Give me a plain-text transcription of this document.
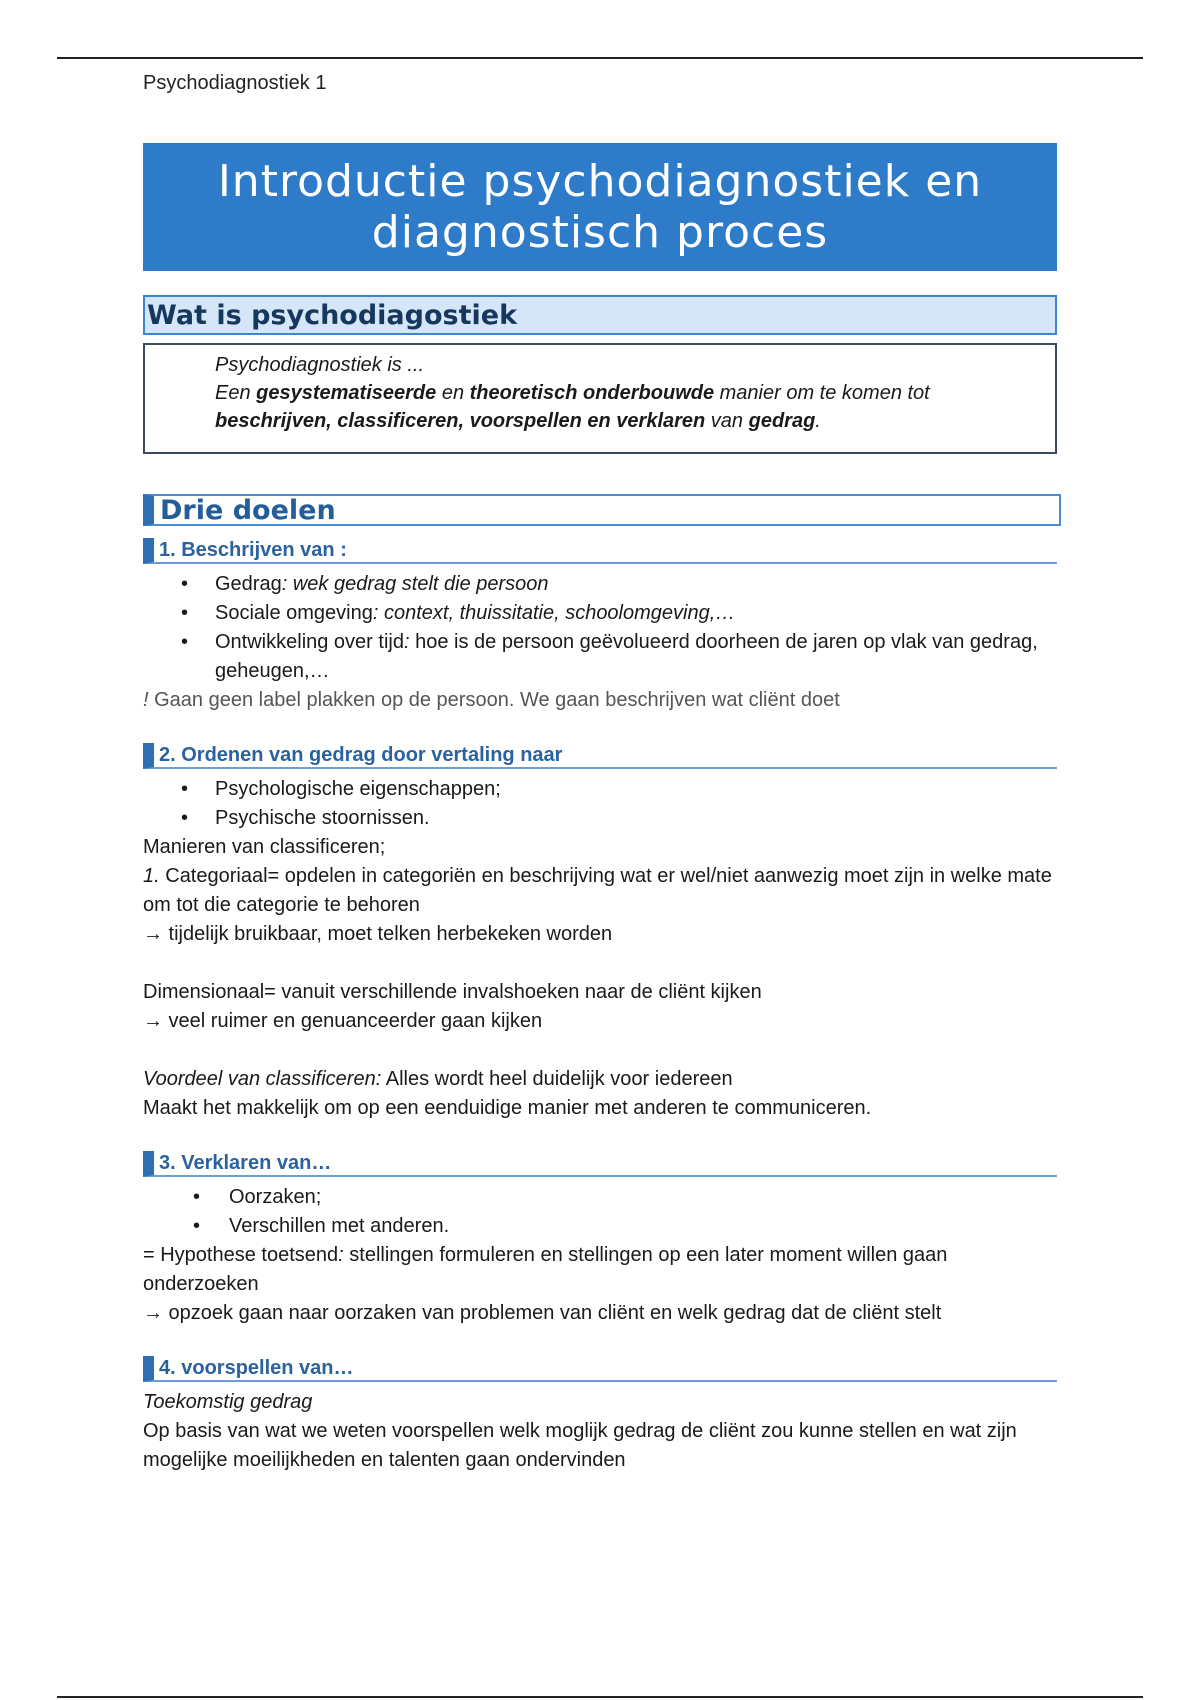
Psychodiagnostiek 1
Introductie psychodiagnostiek en diagnostisch proces
Wat is psychodiagostiek

Psychodiagnostiek is ...

Een gesystematiseerde en theoretisch onderbouwde manier om te komen tot
beschrijven, classificeren, voorspellen en verklaren van gedrag.

Drie doelen
1. Beschrijven van :
• Gedrag: wek gedrag stelt die persoon
• Sociale omgeving: context, thuissitatie, schoolomgeving,…
• Ontwikkeling over tijd: hoe is de persoon geëvolueerd doorheen de jaren op vlak van gedrag, geheugen,…

! Gaan geen label plakken op de persoon. We gaan beschrijven wat cliënt doet

2. Ordenen van gedrag door vertaling naar
• Psychologische eigenschappen;
• Psychische stoornissen.

Manieren van classificeren;

1. Categoriaal= opdelen in categoriën en beschrijving wat er wel/niet aanwezig moet zijn in welke mate om tot die categorie te behoren

→ tijdelijk bruikbaar, moet telken herbekeken worden

Dimensionaal= vanuit verschillende invalshoeken naar de cliënt kijken

→ veel ruimer en genuanceerder gaan kijken

Voordeel van classificeren: Alles wordt heel duidelijk voor iedereen

Maakt het makkelijk om op een eenduidige manier met anderen te communiceren.

3. Verklaren van…
• Oorzaken;
• Verschillen met anderen.

= Hypothese toetsend: stellingen formuleren en stellingen op een later moment willen gaan onderzoeken

→ opzoek gaan naar oorzaken van problemen van cliënt en welk gedrag dat de cliënt stelt

4. voorspellen van…

Toekomstig gedrag

Op basis van wat we weten voorspellen welk moglijk gedrag de cliënt zou kunne stellen en wat zijn mogelijke moeilijkheden en talenten gaan ondervinden
